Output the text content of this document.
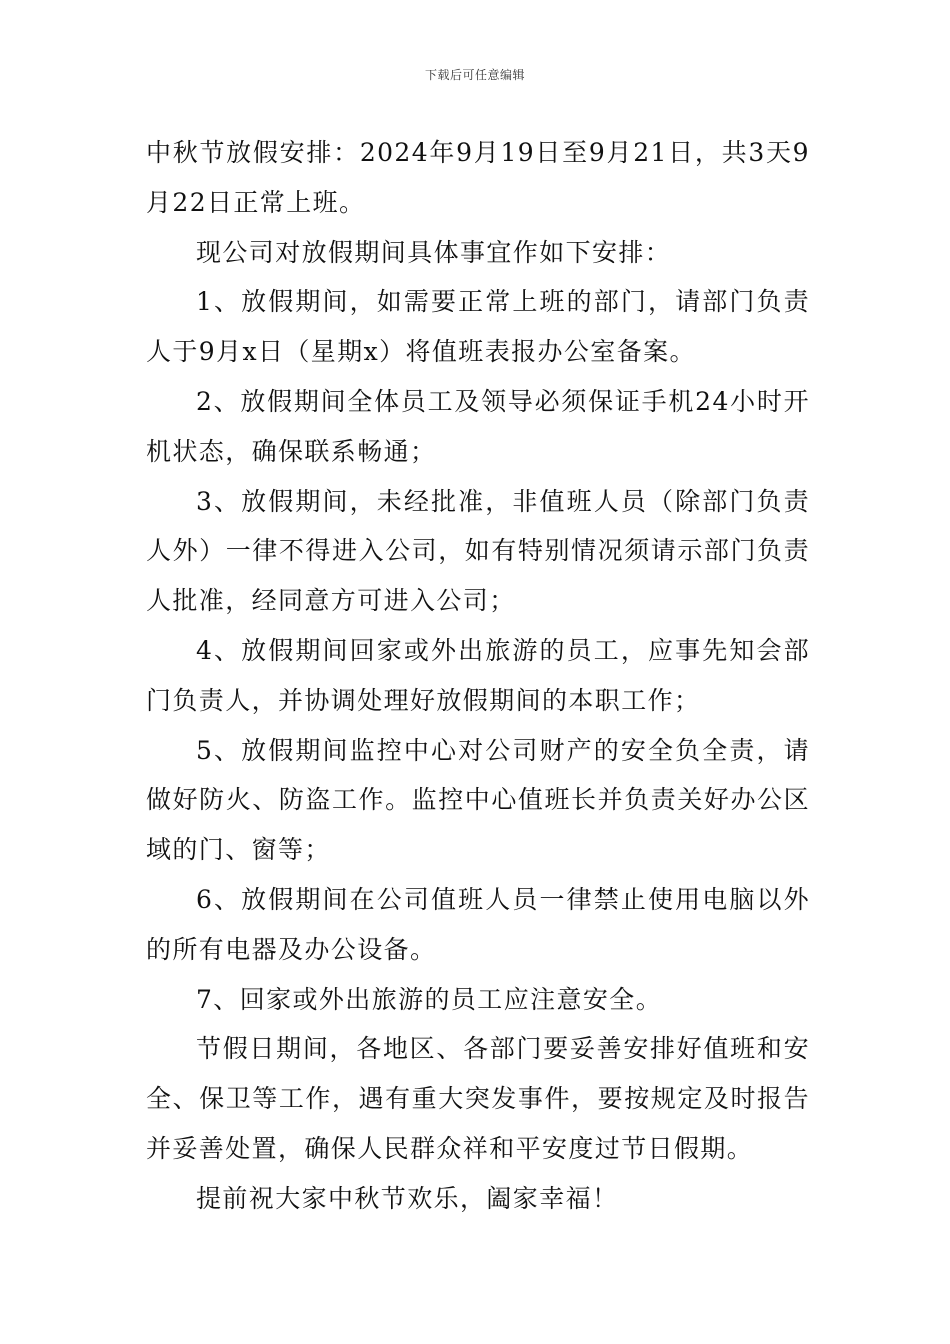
下载后可任意编辑

中秋节放假安排：2024年9月19日至9月21日，共3天9月22日正常上班。

现公司对放假期间具体事宜作如下安排：

1、放假期间，如需要正常上班的部门，请部门负责人于9月x日（星期x）将值班表报办公室备案。

2、放假期间全体员工及领导必须保证手机24小时开机状态，确保联系畅通；

3、放假期间，未经批准，非值班人员（除部门负责人外）一律不得进入公司，如有特别情况须请示部门负责人批准，经同意方可进入公司；

4、放假期间回家或外出旅游的员工，应事先知会部门负责人，并协调处理好放假期间的本职工作；

5、放假期间监控中心对公司财产的安全负全责，请做好防火、防盗工作。监控中心值班长并负责关好办公区域的门、窗等；

6、放假期间在公司值班人员一律禁止使用电脑以外的所有电器及办公设备。

7、回家或外出旅游的员工应注意安全。

节假日期间，各地区、各部门要妥善安排好值班和安全、保卫等工作，遇有重大突发事件，要按规定及时报告并妥善处置，确保人民群众祥和平安度过节日假期。

提前祝大家中秋节欢乐，阖家幸福！
